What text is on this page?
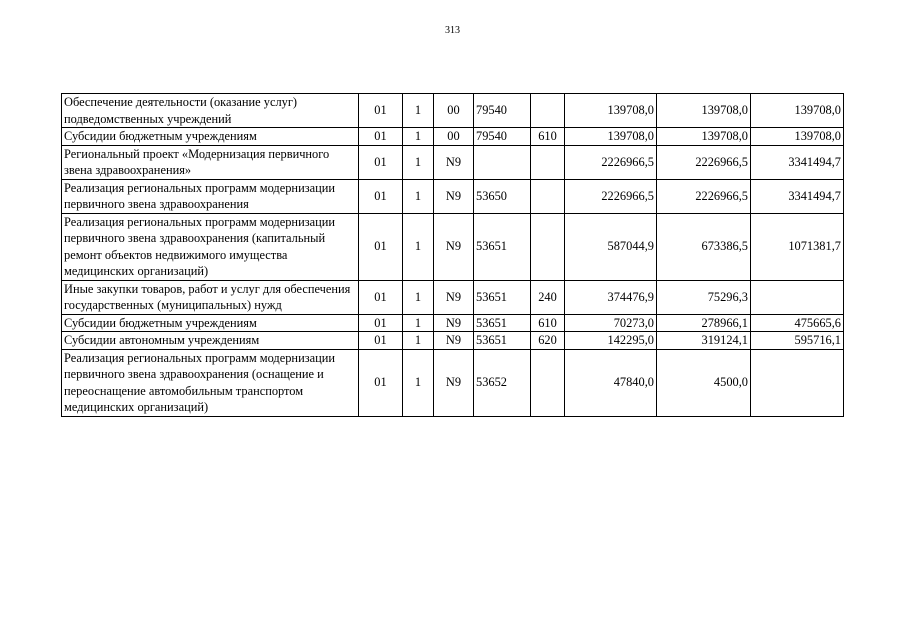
313
Обеспечение деятельности (оказание услуг) подведомственных учреждений	01	1	00	79540		139708,0	139708,0	139708,0
Субсидии бюджетным учреждениям	01	1	00	79540	610	139708,0	139708,0	139708,0
Региональный проект «Модернизация первичного звена здравоохранения»	01	1	N9			2226966,5	2226966,5	3341494,7
Реализация региональных программ модернизации первичного звена здравоохранения	01	1	N9	53650		2226966,5	2226966,5	3341494,7
Реализация региональных программ модернизации первичного звена здравоохранения (капитальный ремонт объектов недвижимого имущества медицинских организаций)	01	1	N9	53651		587044,9	673386,5	1071381,7
Иные закупки товаров, работ и услуг для обеспечения государственных (муниципальных) нужд	01	1	N9	53651	240	374476,9	75296,3	
Субсидии бюджетным учреждениям	01	1	N9	53651	610	70273,0	278966,1	475665,6
Субсидии автономным учреждениям	01	1	N9	53651	620	142295,0	319124,1	595716,1
Реализация региональных программ модернизации первичного звена здравоохранения (оснащение и переоснащение автомобильным транспортом медицинских организаций)	01	1	N9	53652		47840,0	4500,0	
